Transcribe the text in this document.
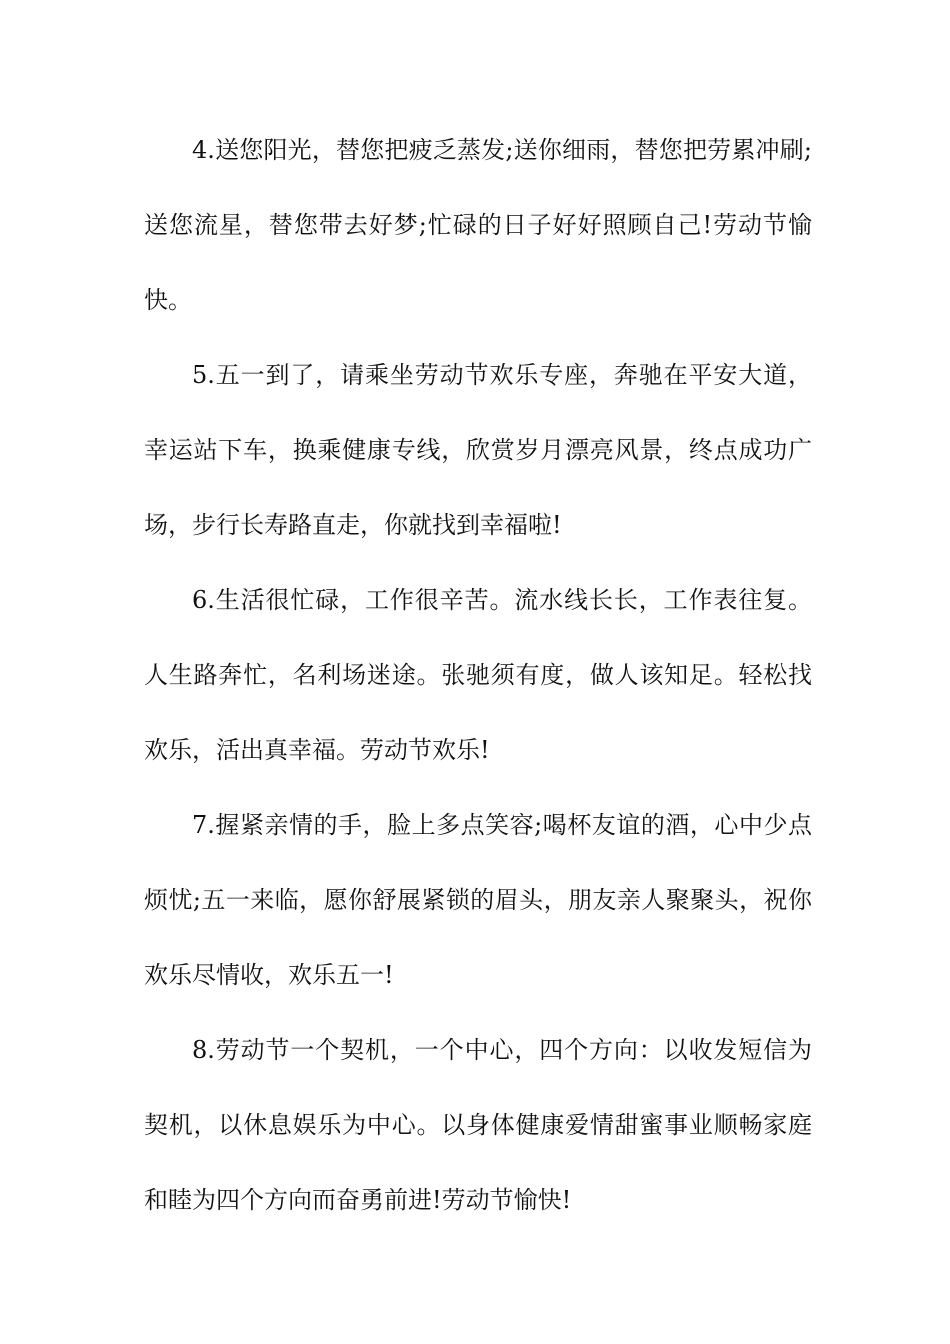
4.送您阳光，替您把疲乏蒸发;送你细雨，替您把劳累冲刷;送您流星，替您带去好梦;忙碌的日子好好照顾自己!劳动节愉快。

5.五一到了，请乘坐劳动节欢乐专座，奔驰在平安大道，幸运站下车，换乘健康专线，欣赏岁月漂亮风景，终点成功广场，步行长寿路直走，你就找到幸福啦!

6.生活很忙碌，工作很辛苦。流水线长长，工作表往复。人生路奔忙，名利场迷途。张驰须有度，做人该知足。轻松找欢乐，活出真幸福。劳动节欢乐!

7.握紧亲情的手，脸上多点笑容;喝杯友谊的酒，心中少点烦忧;五一来临，愿你舒展紧锁的眉头，朋友亲人聚聚头，祝你欢乐尽情收，欢乐五一!

8.劳动节一个契机，一个中心，四个方向：以收发短信为契机，以休息娱乐为中心。以身体健康爱情甜蜜事业顺畅家庭和睦为四个方向而奋勇前进!劳动节愉快!
